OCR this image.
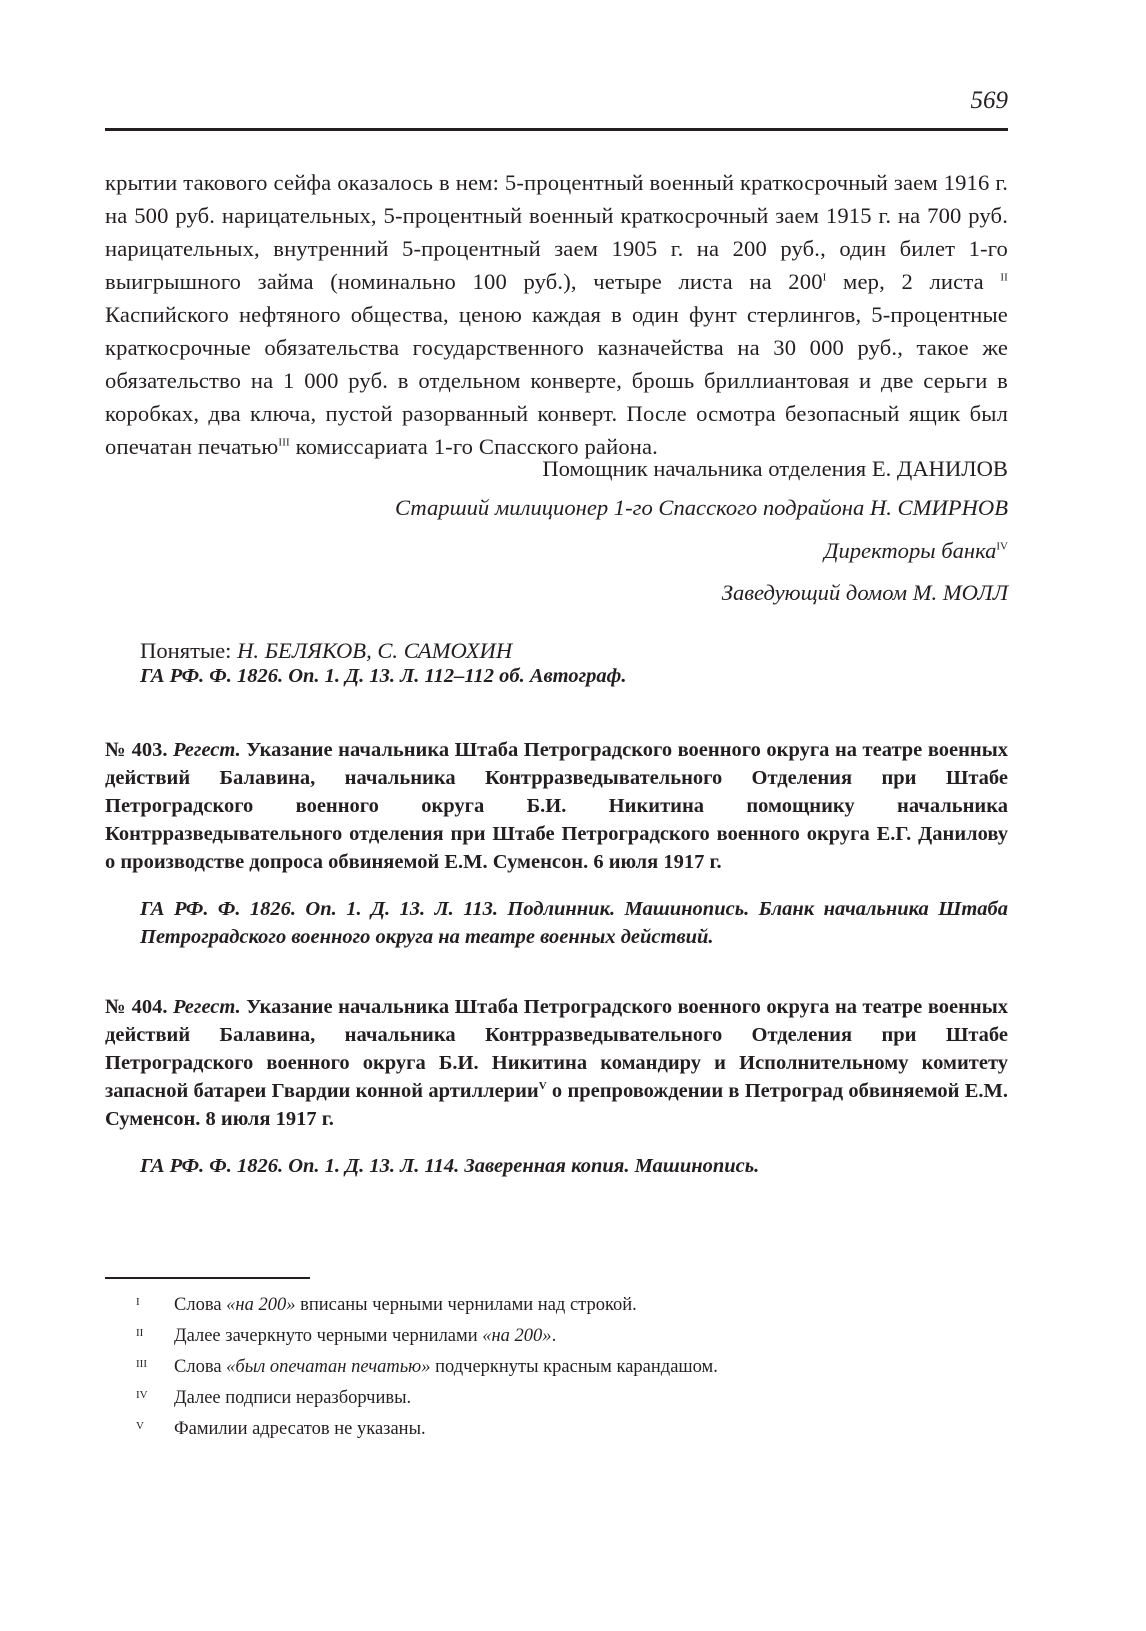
569

крытии такового сейфа оказалось в нем: 5-процентный военный краткосрочный заем 1916 г. на 500 руб. нарицательных, 5-процентный военный краткосрочный заем 1915 г. на 700 руб. нарицательных, внутренний 5-процентный заем 1905 г. на 200 руб., один билет 1-го выигрышного займа (номинально 100 руб.), четыре листа на $200^I$ мер, 2 листа $^{II}$ Каспийского нефтяного общества, ценою каждая в один фунт стерлингов, 5-процентные краткосрочные обязательства государственного казначейства на 30 000 руб., такое же обязательство на 1 000 руб. в отдельном конверте, брошь бриллиантовая и две серьги в коробках, два ключа, пустой разорванный конверт. После осмотра безопасный ящик был опечатан печатью$^{III}$ комиссариата 1-го Спасского района.

Помощник начальника отделения Е. ДАНИЛОВ
Старший милиционер 1-го Спасского подрайона Н. СМИРНОВ
Директоры банка$^{IV}$
Заведующий домом М. МОЛЛ
Понятые: Н. БЕЛЯКОВ, С. САМОХИН

ГА РФ. Ф. 1826. Оп. 1. Д. 13. Л. 112–112 об. Автограф.

№ 403. Регест. Указание начальника Штаба Петроградского военного округа на театре военных действий Балавина, начальника Контрразведывательного Отделения при Штабе Петроградского военного округа Б.И. Никитина помощнику начальника Контрразведывательного отделения при Штабе Петроградского военного округа Е.Г. Данилову о производстве допроса обвиняемой Е.М. Суменсон. 6 июля 1917 г.

ГА РФ. Ф. 1826. Оп. 1. Д. 13. Л. 113. Подлинник. Машинопись. Бланк начальника Штаба Петроградского военного округа на театре военных действий.

№ 404. Регест. Указание начальника Штаба Петроградского военного округа на театре военных действий Балавина, начальника Контрразведывательного Отделения при Штабе Петроградского военного округа Б.И. Никитина командиру и Исполнительному комитету запасной батареи Гвардии конной артиллерии$^V$ о препровождении в Петроград обвиняемой Е.М. Суменсон. 8 июля 1917 г.

ГА РФ. Ф. 1826. Оп. 1. Д. 13. Л. 114. Заверенная копия. Машинопись.

I Слова «на 200» вписаны черными чернилами над строкой.
II Далее зачеркнуто черными чернилами «на 200».
III Слова «был опечатан печатью» подчеркнуты красным карандашом.
IV Далее подписи неразборчивы.
V Фамилии адресатов не указаны.
